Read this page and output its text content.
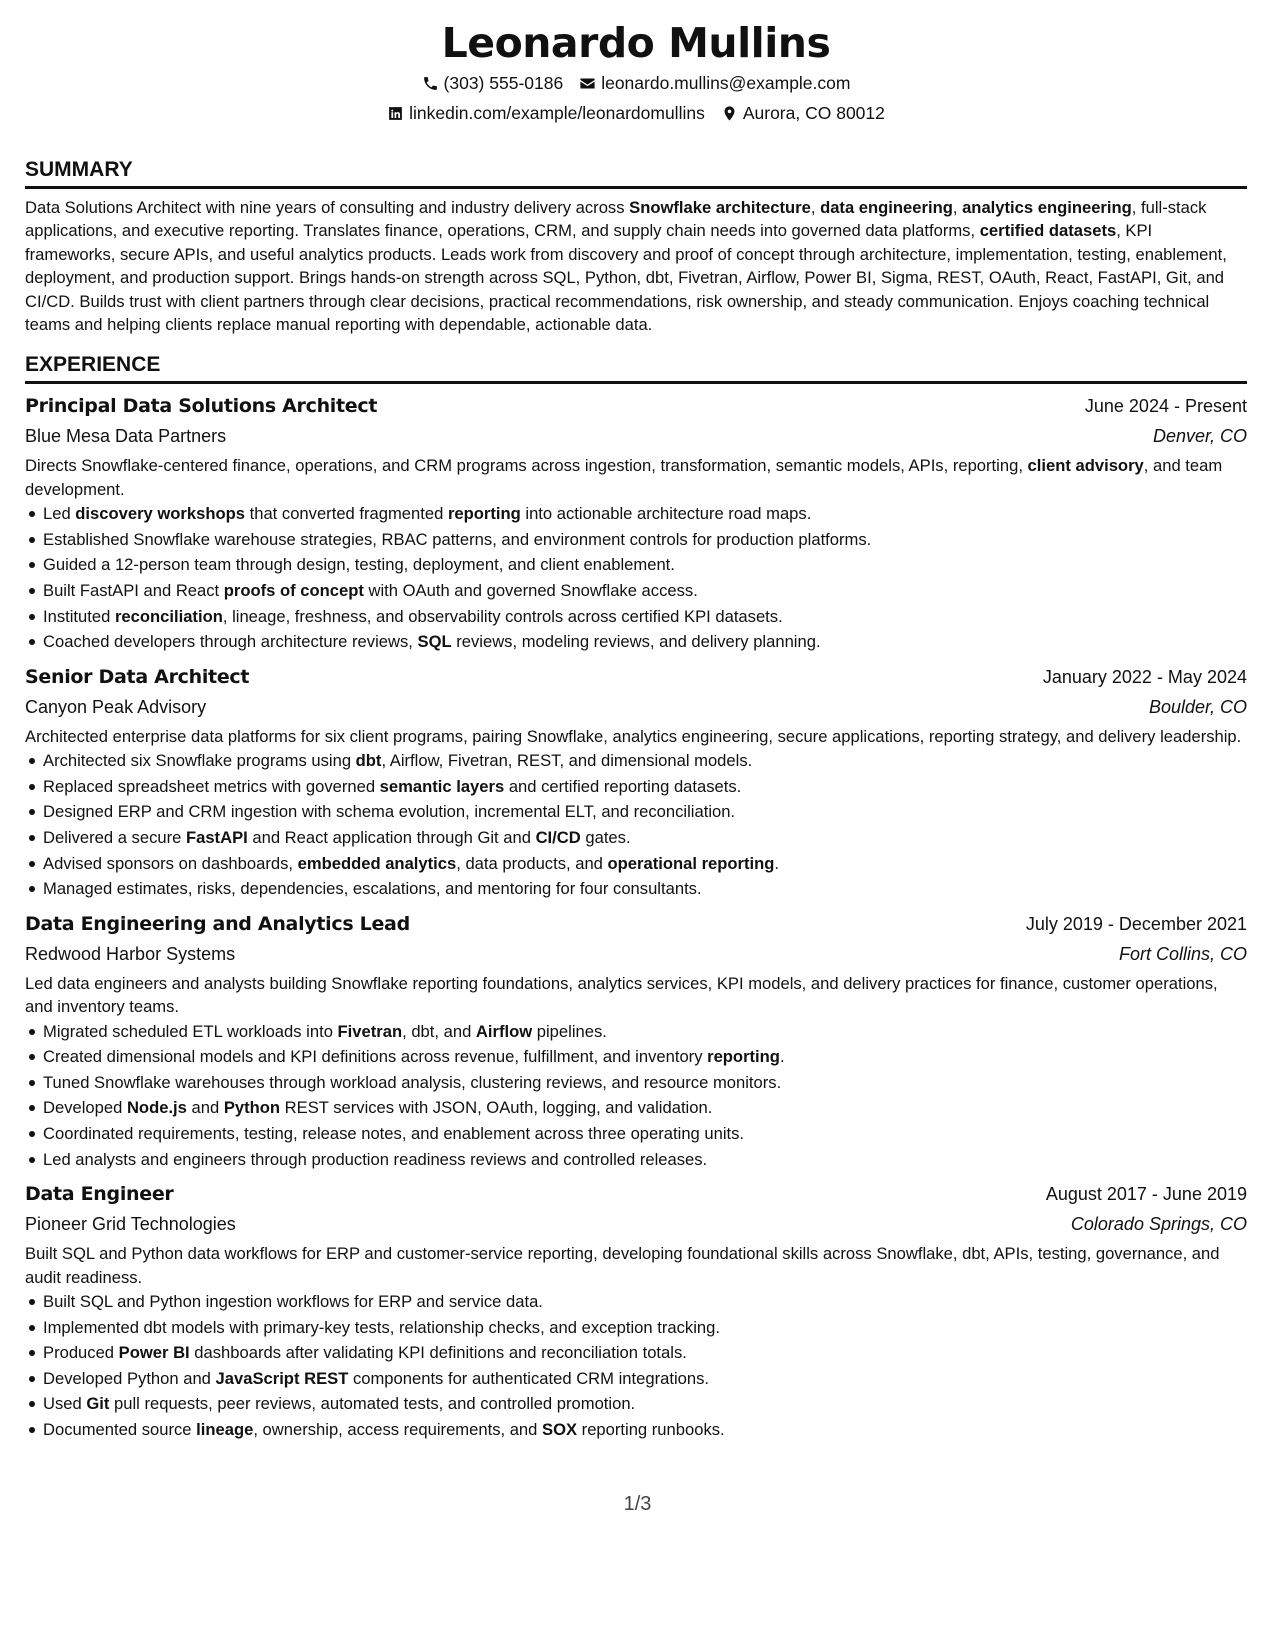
Leonardo Mullins
(303) 555-0186 leonardo.mullins@example.com
linkedin.com/example/leonardomullins Aurora, CO 80012
SUMMARY

Data Solutions Architect with nine years of consulting and industry delivery across Snowflake architecture, data engineering, analytics engineering, full-stack applications, and executive reporting. Translates finance, operations, CRM, and supply chain needs into governed data platforms, certified datasets, KPI frameworks, secure APIs, and useful analytics products. Leads work from discovery and proof of concept through architecture, implementation, testing, enablement, deployment, and production support. Brings hands-on strength across SQL, Python, dbt, Fivetran, Airflow, Power BI, Sigma, REST, OAuth, React, FastAPI, Git, and CI/CD. Builds trust with client partners through clear decisions, practical recommendations, risk ownership, and steady communication. Enjoys coaching technical teams and helping clients replace manual reporting with dependable, actionable data.

EXPERIENCE
Principal Data Solutions Architect	June 2024 - Present
Blue Mesa Data Partners	Denver, CO

Directs Snowflake-centered finance, operations, and CRM programs across ingestion, transformation, semantic models, APIs, reporting, client advisory, and team development.

Led discovery workshops that converted fragmented reporting into actionable architecture road maps.
Established Snowflake warehouse strategies, RBAC patterns, and environment controls for production platforms.
Guided a 12-person team through design, testing, deployment, and client enablement.
Built FastAPI and React proofs of concept with OAuth and governed Snowflake access.
Instituted reconciliation, lineage, freshness, and observability controls across certified KPI datasets.
Coached developers through architecture reviews, SQL reviews, modeling reviews, and delivery planning.
Senior Data Architect	January 2022 - May 2024
Canyon Peak Advisory	Boulder, CO

Architected enterprise data platforms for six client programs, pairing Snowflake, analytics engineering, secure applications, reporting strategy, and delivery leadership.

Architected six Snowflake programs using dbt, Airflow, Fivetran, REST, and dimensional models.
Replaced spreadsheet metrics with governed semantic layers and certified reporting datasets.
Designed ERP and CRM ingestion with schema evolution, incremental ELT, and reconciliation.
Delivered a secure FastAPI and React application through Git and CI/CD gates.
Advised sponsors on dashboards, embedded analytics, data products, and operational reporting.
Managed estimates, risks, dependencies, escalations, and mentoring for four consultants.
Data Engineering and Analytics Lead	July 2019 - December 2021
Redwood Harbor Systems	Fort Collins, CO

Led data engineers and analysts building Snowflake reporting foundations, analytics services, KPI models, and delivery practices for finance, customer operations, and inventory teams.

Migrated scheduled ETL workloads into Fivetran, dbt, and Airflow pipelines.
Created dimensional models and KPI definitions across revenue, fulfillment, and inventory reporting.
Tuned Snowflake warehouses through workload analysis, clustering reviews, and resource monitors.
Developed Node.js and Python REST services with JSON, OAuth, logging, and validation.
Coordinated requirements, testing, release notes, and enablement across three operating units.
Led analysts and engineers through production readiness reviews and controlled releases.
Data Engineer	August 2017 - June 2019
Pioneer Grid Technologies	Colorado Springs, CO

Built SQL and Python data workflows for ERP and customer-service reporting, developing foundational skills across Snowflake, dbt, APIs, testing, governance, and audit readiness.

Built SQL and Python ingestion workflows for ERP and service data.
Implemented dbt models with primary-key tests, relationship checks, and exception tracking.
Produced Power BI dashboards after validating KPI definitions and reconciliation totals.
Developed Python and JavaScript REST components for authenticated CRM integrations.
Used Git pull requests, peer reviews, automated tests, and controlled promotion.
Documented source lineage, ownership, access requirements, and SOX reporting runbooks.
1/3
